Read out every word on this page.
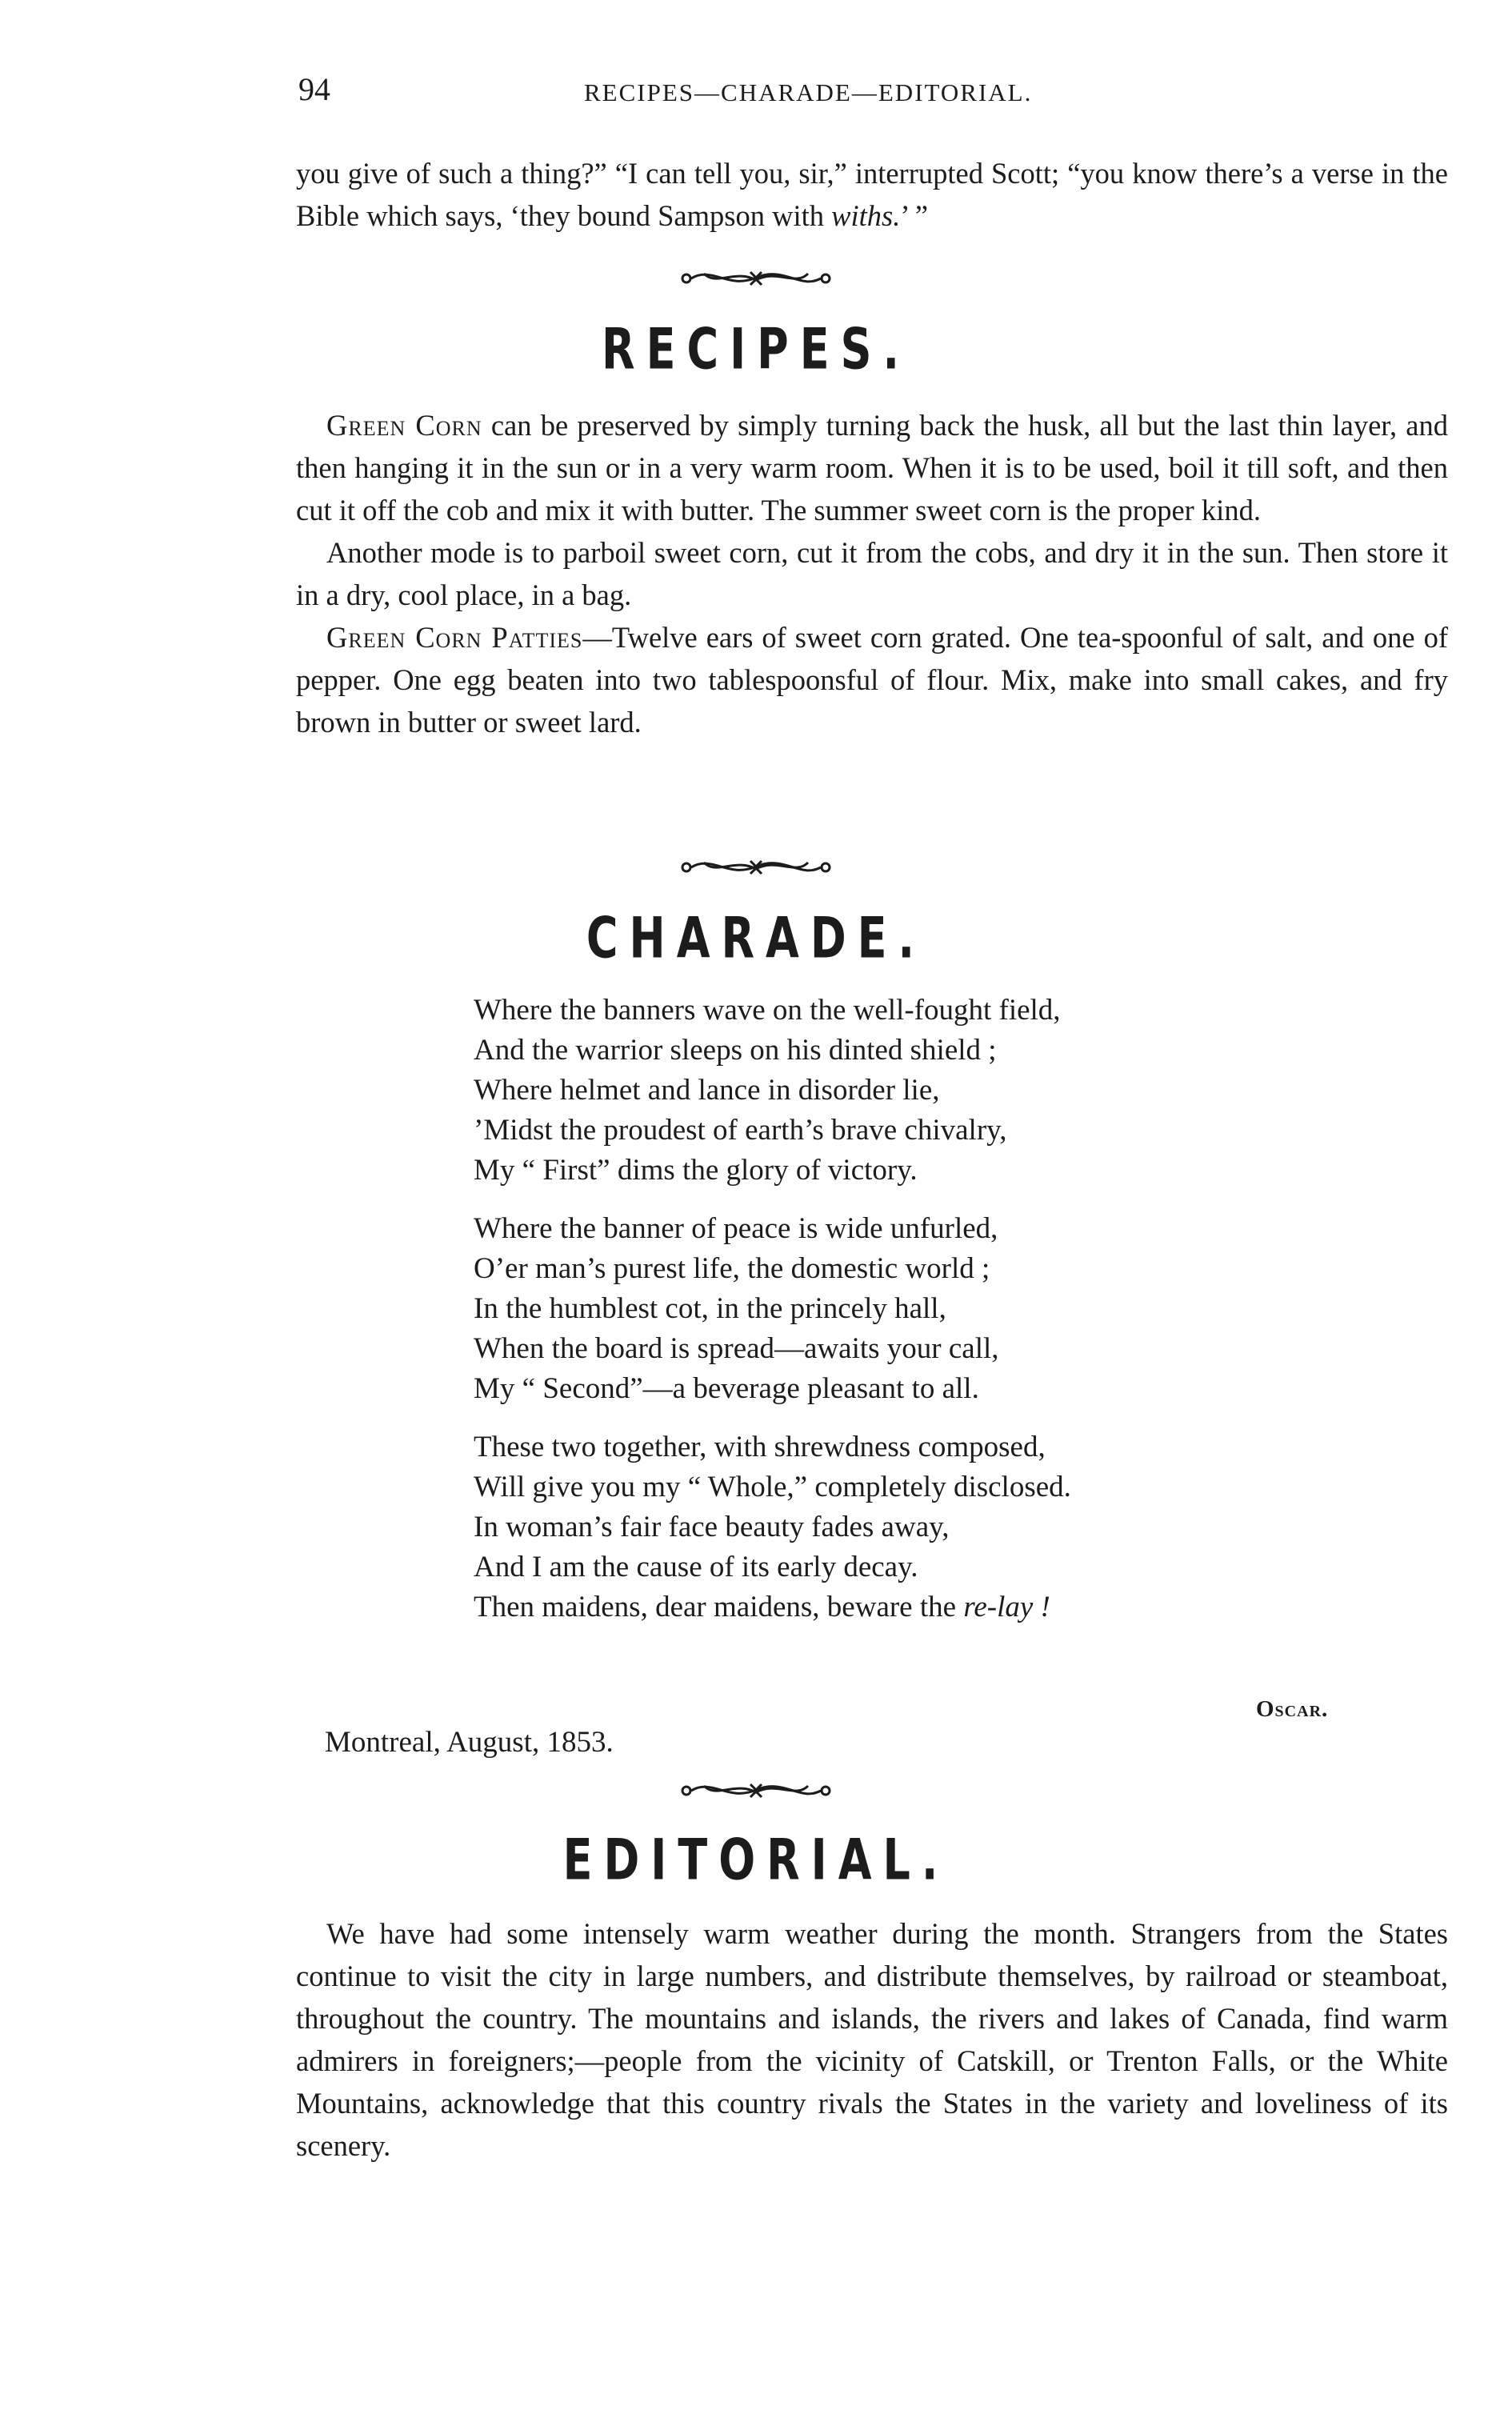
94	RECIPES—CHARADE—EDITORIAL.

you give of such a thing?” “I can tell you, sir,” interrupted Scott; “you know there’s a verse in the Bible which says, ‘they bound Sampson with withs.’ ”

RECIPES.

Green Corn can be preserved by simply turning back the husk, all but the last thin layer, and then hanging it in the sun or in a very warm room. When it is to be used, boil it till soft, and then cut it off the cob and mix it with butter. The summer sweet corn is the proper kind.

Another mode is to parboil sweet corn, cut it from the cobs, and dry it in the sun. Then store it in a dry, cool place, in a bag.

Green Corn Patties—Twelve ears of sweet corn grated. One tea-spoonful of salt, and one of pepper. One egg beaten into two tablespoonsful of flour. Mix, make into small cakes, and fry brown in butter or sweet lard.

CHARADE.
Where the banners wave on the well-fought field,
And the warrior sleeps on his dinted shield ;
Where helmet and lance in disorder lie,
’Midst the proudest of earth’s brave chivalry,
My “ First” dims the glory of victory.
Where the banner of peace is wide unfurled,
O’er man’s purest life, the domestic world ;
In the humblest cot, in the princely hall,
When the board is spread—awaits your call,
My “ Second”—a beverage pleasant to all.
These two together, with shrewdness composed,
Will give you my “ Whole,” completely disclosed.
In woman’s fair face beauty fades away,
And I am the cause of its early decay.
Then maidens, dear maidens, beware the re-lay !
Oscar.
Montreal, August, 1853.
EDITORIAL.

We have had some intensely warm weather during the month. Strangers from the States continue to visit the city in large numbers, and distribute themselves, by railroad or steamboat, throughout the country. The mountains and islands, the rivers and lakes of Canada, find warm admirers in foreigners;—people from the vicinity of Catskill, or Trenton Falls, or the White Mountains, acknowledge that this country rivals the States in the variety and loveliness of its scenery.
